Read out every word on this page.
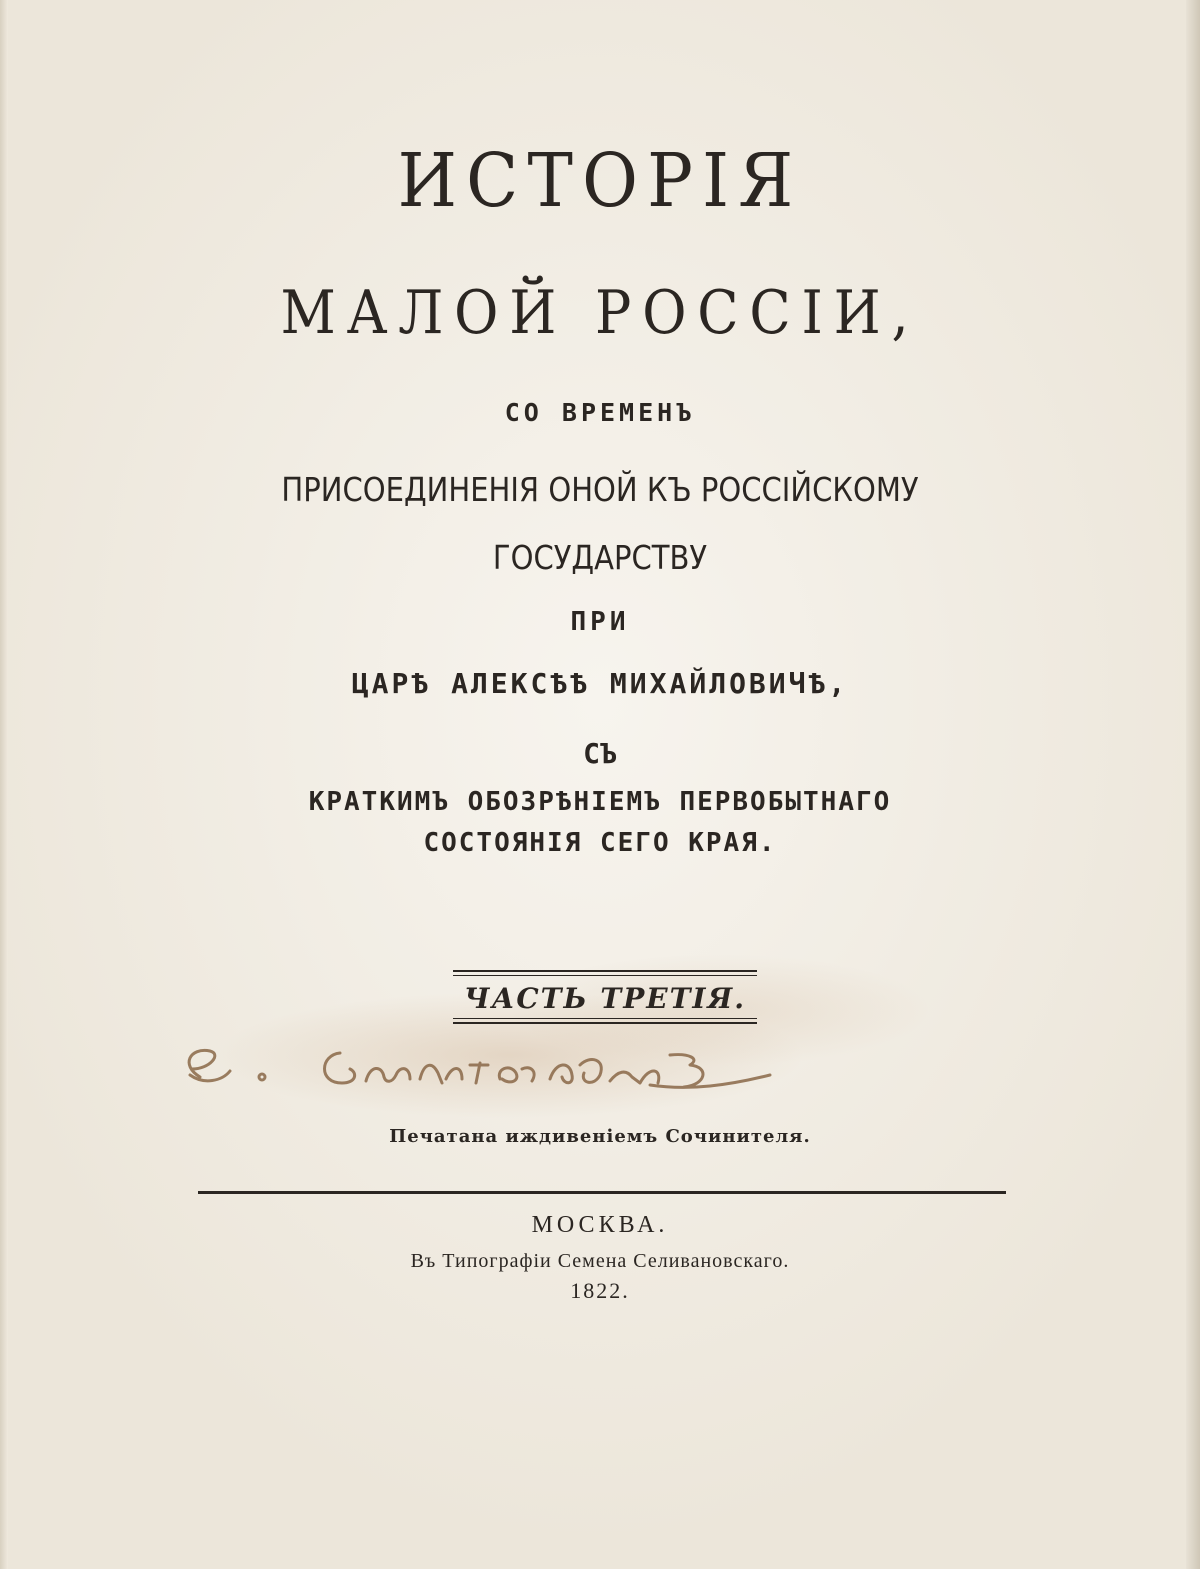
ИСТОРІЯ
МАЛОЙ РОССІИ,
СО ВРЕМЕНЪ
ПРИСОЕДИНЕНІЯ ОНОЙ КЪ РОССІЙСКОМУ
ГОСУДАРСТВУ
ПРИ
ЦАРѢ АЛЕКСѢѢ МИХАЙЛОВИЧѢ,
СЪ
КРАТКИМЪ ОБОЗРѢНІЕМЪ ПЕРВОБЫТНАГО
СОСТОЯНІЯ СЕГО КРАЯ.
ЧАСТЬ ТРЕТІЯ.
Печатана иждивеніемъ Сочинителя.
МОСКВА.
Въ Типографіи Семена Селивановскаго.
1822.
